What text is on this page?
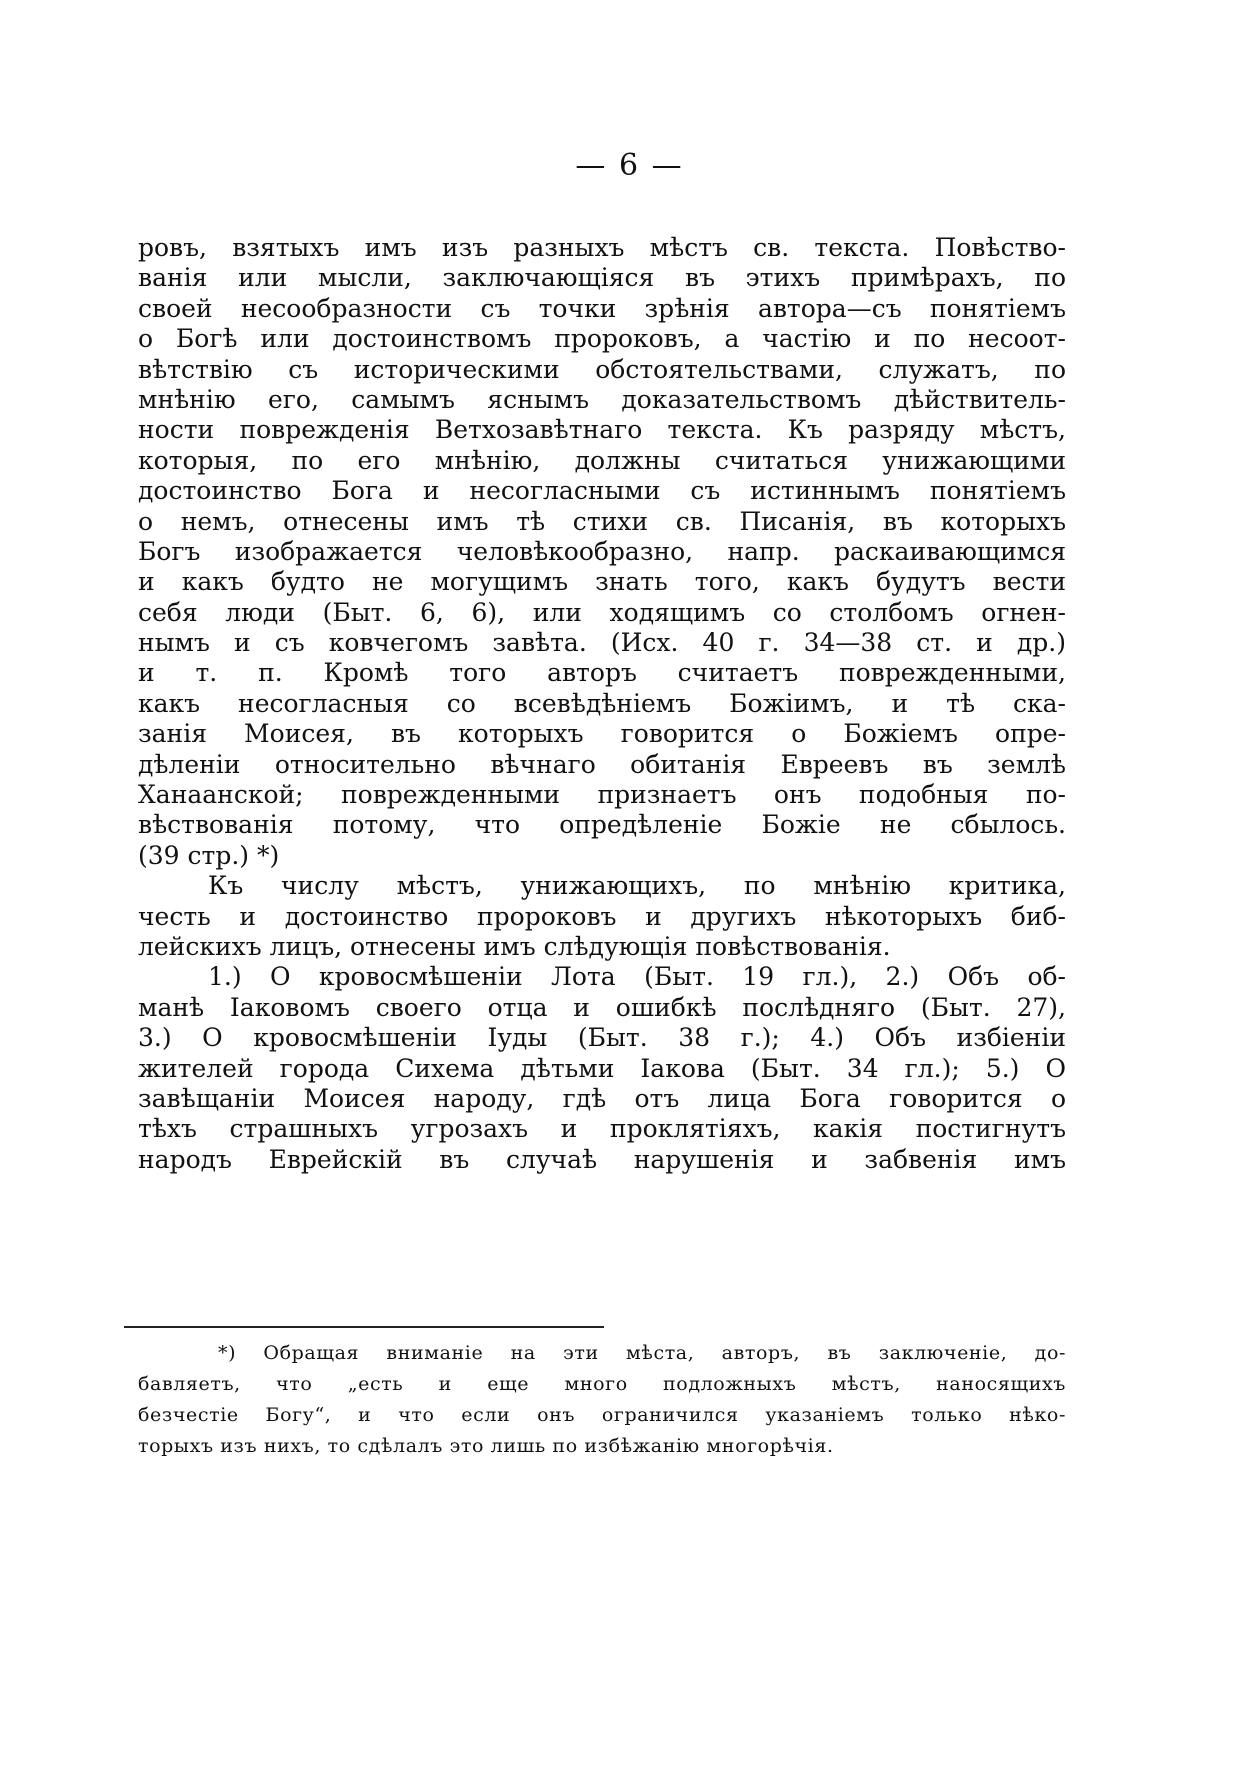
— 6 —
ровъ, взятыхъ имъ изъ разныхъ мѣстъ св. текста. Повѣство-
ванія или мысли, заключающіяся въ этихъ примѣрахъ, по
своей несообразности съ точки зрѣнія автора—съ понятіемъ
о Богѣ или достоинствомъ пророковъ, а частію и по несоот-
вѣтствію съ историческими обстоятельствами, служатъ, по
мнѣнію его, самымъ яснымъ доказательствомъ дѣйствитель-
ности поврежденія Ветхозавѣтнаго текста. Къ разряду мѣстъ,
которыя, по его мнѣнію, должны считаться унижающими
достоинство Бога и несогласными съ истиннымъ понятіемъ
о немъ, отнесены имъ тѣ стихи св. Писанія, въ которыхъ
Богъ изображается человѣкообразно, напр. раскаивающимся
и какъ будто не могущимъ знать того, какъ будутъ вести
себя люди (Быт. 6, 6), или ходящимъ со столбомъ огнен-
нымъ и съ ковчегомъ завѣта. (Исх. 40 г. 34—38 ст. и др.)
и т. п. Кромѣ того авторъ считаетъ поврежденными,
какъ несогласныя со всевѣдѣніемъ Божіимъ, и тѣ ска-
занія Моисея, въ которыхъ говорится о Божіемъ опре-
дѣленіи относительно вѣчнаго обитанія Евреевъ въ землѣ
Ханаанской; поврежденными признаетъ онъ подобныя по-
вѣствованія потому, что опредѣленіе Божіе не сбылось.
(39 стр.) *)
Къ числу мѣстъ, унижающихъ, по мнѣнію критика,
честь и достоинство пророковъ и другихъ нѣкоторыхъ биб-
лейскихъ лицъ, отнесены имъ слѣдующія повѣствованія.
1.) О кровосмѣшеніи Лота (Быт. 19 гл.), 2.) Объ об-
манѣ Іаковомъ своего отца и ошибкѣ послѣдняго (Быт. 27),
3.) О кровосмѣшеніи Іуды (Быт. 38 г.); 4.) Объ избіеніи
жителей города Сихема дѣтьми Іакова (Быт. 34 гл.); 5.) О
завѣщаніи Моисея народу, гдѣ отъ лица Бога говорится о
тѣхъ страшныхъ угрозахъ и проклятіяхъ, какія постигнутъ
народъ Еврейскій въ случаѣ нарушенія и забвенія имъ
*) Обращая вниманіе на эти мѣста, авторъ, въ заключеніе, до-
бавляетъ, что „есть и еще много подложныхъ мѣстъ, наносящихъ
безчестіе Богу“, и что если онъ ограничился указаніемъ только нѣко-
торыхъ изъ нихъ, то сдѣлалъ это лишь по избѣжанію многорѣчія.
